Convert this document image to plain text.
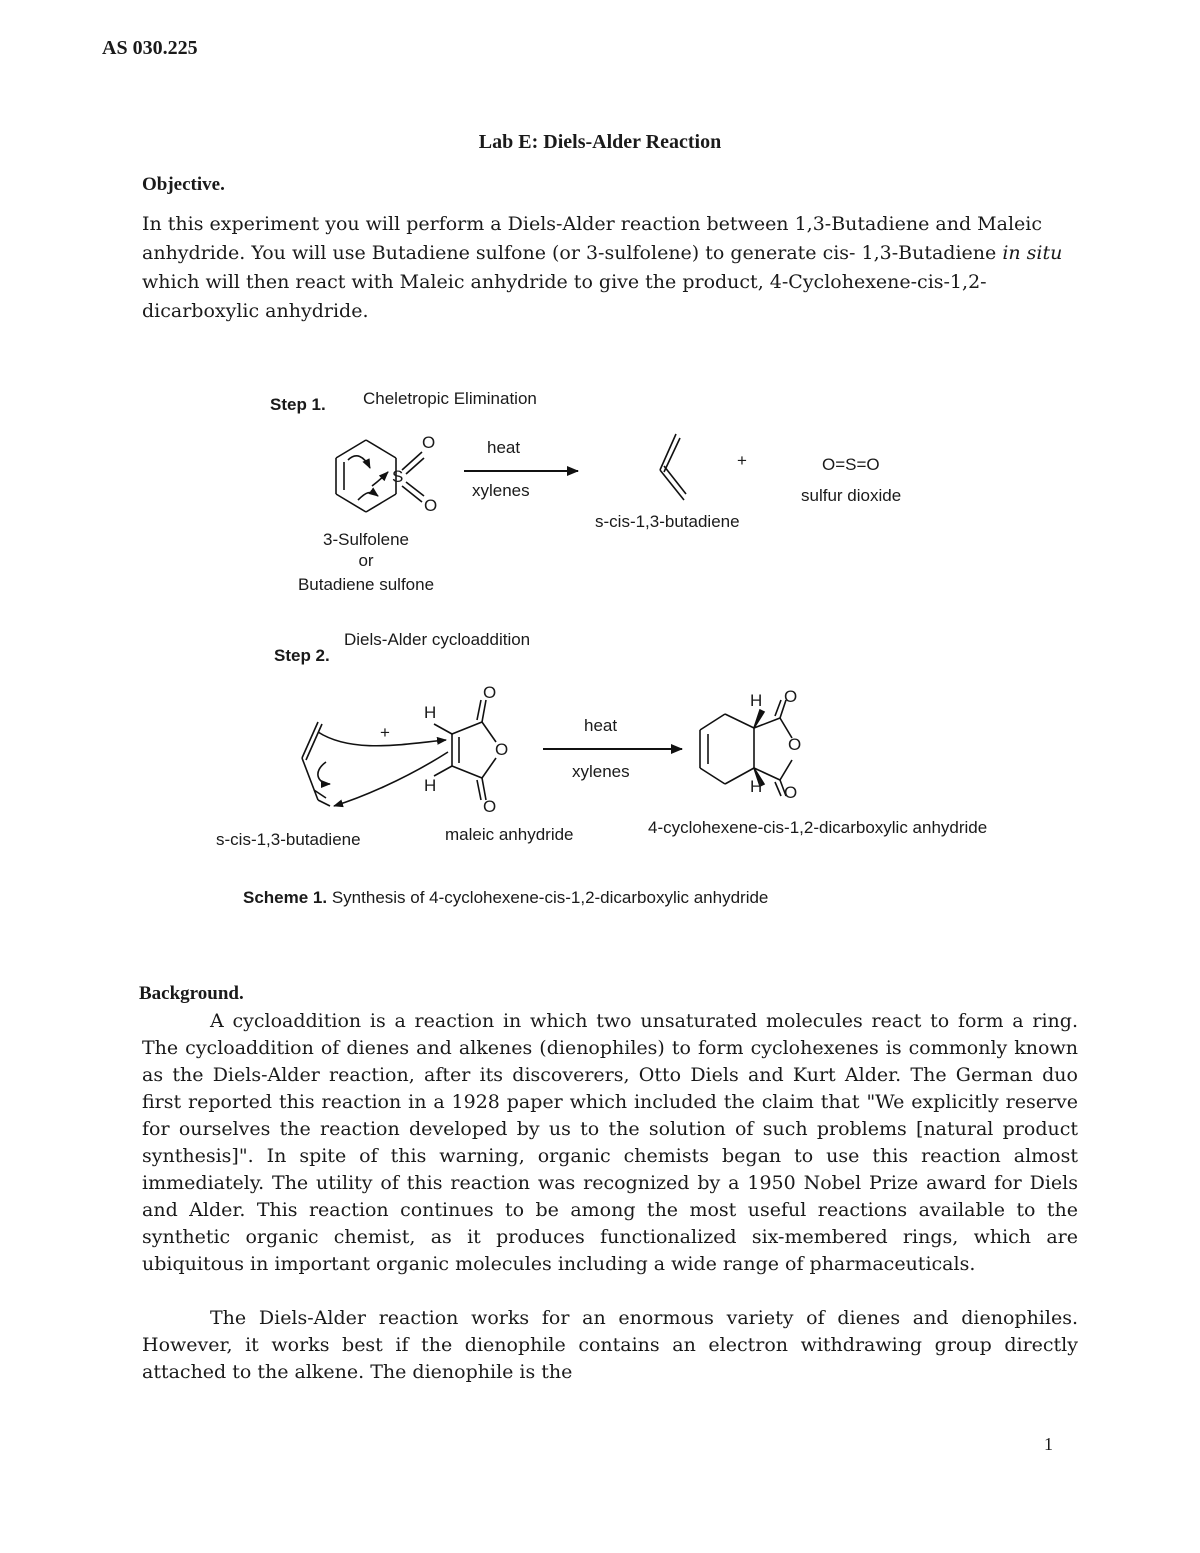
AS 030.225
Lab E: Diels-Alder Reaction
Objective.
In this experiment you will perform a Diels-Alder reaction between 1,3-Butadiene and Maleic anhydride. You will use Butadiene sulfone (or 3-sulfolene) to generate cis- 1,3-Butadiene in situ which will then react with Maleic anhydride to give the product, 4-Cyclohexene-cis-1,2-dicarboxylic anhydride.
Step 1. Cheletropic Elimination
O
S
O
3-Sulfolene
or
Butadiene sulfone
heat
xylenes
s-cis-1,3-butadiene
+	O=S=O
sulfur dioxide
Diels-Alder cycloaddition
Step 2.
+
H
H
O
O
O
heat
xylenes
H
H
O
O
O
s-cis-1,3-butadiene	maleic anhydride	4-cyclohexene-cis-1,2-dicarboxylic anhydride
Scheme 1. Synthesis of 4-cyclohexene-cis-1,2-dicarboxylic anhydride
Background.

A cycloaddition is a reaction in which two unsaturated molecules react to form a ring. The cycloaddition of dienes and alkenes (dienophiles) to form cyclohexenes is commonly known as the Diels-Alder reaction, after its discoverers, Otto Diels and Kurt Alder. The German duo first reported this reaction in a 1928 paper which included the claim that "We explicitly reserve for ourselves the reaction developed by us to the solution of such problems [natural product synthesis]". In spite of this warning, organic chemists began to use this reaction almost immediately. The utility of this reaction was recognized by a 1950 Nobel Prize award for Diels and Alder. This reaction continues to be among the most useful reactions available to the synthetic organic chemist, as it produces functionalized six-membered rings, which are ubiquitous in important organic molecules including a wide range of pharmaceuticals.

The Diels-Alder reaction works for an enormous variety of dienes and dienophiles. However, it works best if the dienophile contains an electron withdrawing group directly attached to the alkene. The dienophile is the

1
